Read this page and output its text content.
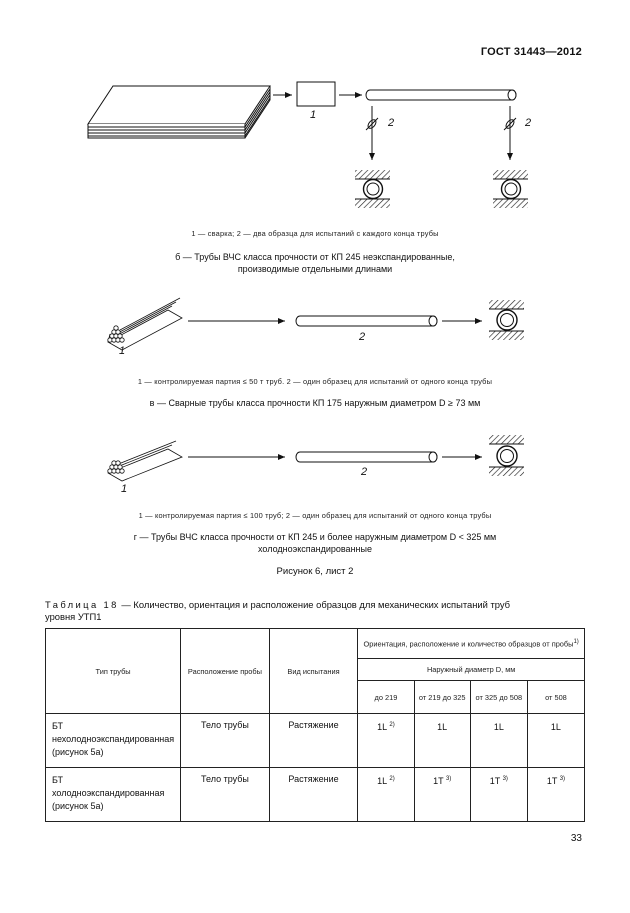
ГОСТ 31443—2012
1
2	2
1 — сварка; 2 — два образца для испытаний с каждого конца трубы
б — Трубы ВЧС класса прочности от КП 245 неэкспандированные,
производимые отдельными длинами
1
2
1 — контролируемая партия ≤ 50 т труб. 2 — один образец для испытаний от одного конца трубы
в — Сварные трубы класса прочности КП 175 наружным диаметром D ≥ 73 мм
1
2
1 — контролируемая партия ≤ 100 труб; 2 — один образец для испытаний от одного конца трубы
г — Трубы ВЧС класса прочности от КП 245 и более наружным диаметром D < 325 мм
холодноэкспандированные
Рисунок 6, лист 2
Таблица 18 — Количество, ориентация и расположение образцов для механических испытаний труб
уровня УТП1
Тип трубы	Расположение пробы	Вид испытания	Ориентация, расположение и количество образцов от пробы$^{1)}$
			Наружный диаметр D, мм			
			до 219	от 219 до 325	от 325 до 508	от 508
БТ нехолодноэкспандированная (рисунок 5а)	Тело трубы	Растяжение	1L $^{2)}$	1L	1L	1L
БТ холодноэкспандированная (рисунок 5а)	Тело трубы	Растяжение	1L $^{2)}$	1T $^{3)}$	1T $^{3)}$	1T $^{3)}$
33
